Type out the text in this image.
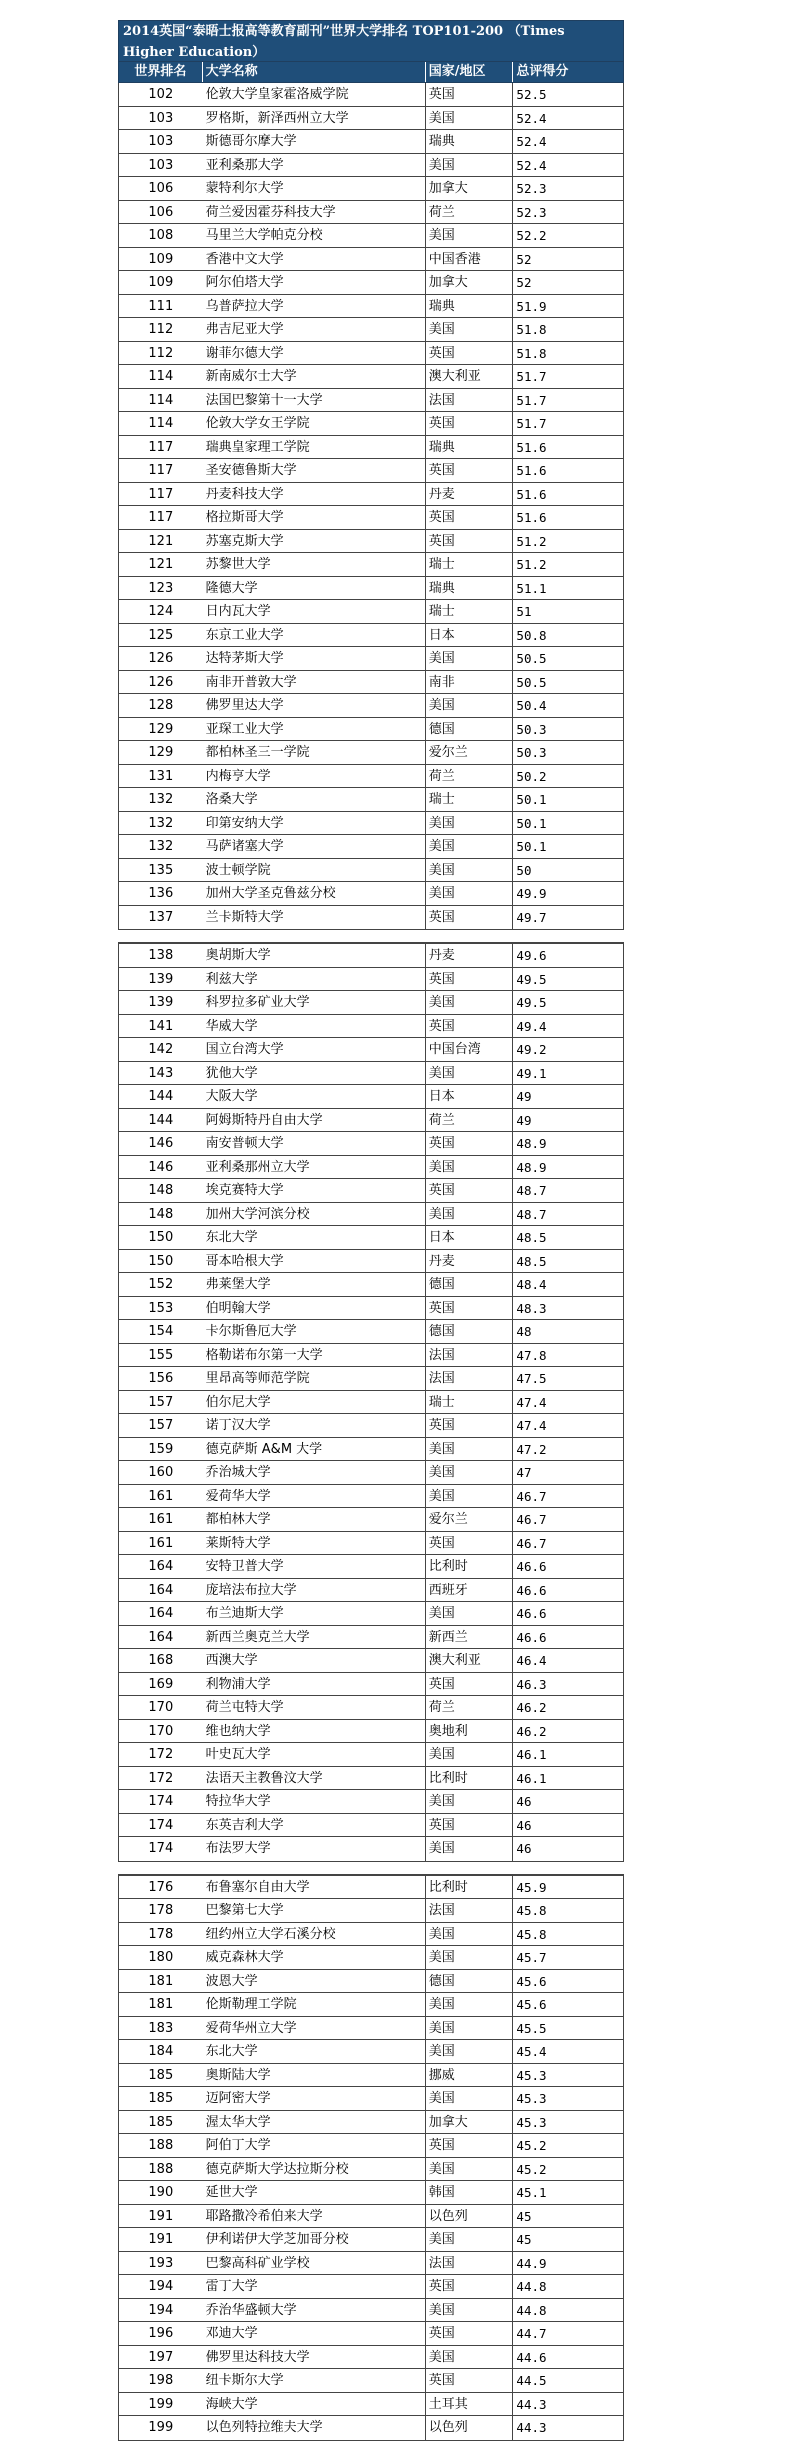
2014英国“泰晤士报高等教育副刊”世界大学排名 TOP101-200 （Times Higher Education）
世界排名	大学名称	国家/地区	总评得分
102	伦敦大学皇家霍洛威学院	英国	52.5
103	罗格斯，新泽西州立大学	美国	52.4
103	斯德哥尔摩大学	瑞典	52.4
103	亚利桑那大学	美国	52.4
106	蒙特利尔大学	加拿大	52.3
106	荷兰爱因霍芬科技大学	荷兰	52.3
108	马里兰大学帕克分校	美国	52.2
109	香港中文大学	中国香港	52
109	阿尔伯塔大学	加拿大	52
111	乌普萨拉大学	瑞典	51.9
112	弗吉尼亚大学	美国	51.8
112	谢菲尔德大学	英国	51.8
114	新南威尔士大学	澳大利亚	51.7
114	法国巴黎第十一大学	法国	51.7
114	伦敦大学女王学院	英国	51.7
117	瑞典皇家理工学院	瑞典	51.6
117	圣安德鲁斯大学	英国	51.6
117	丹麦科技大学	丹麦	51.6
117	格拉斯哥大学	英国	51.6
121	苏塞克斯大学	英国	51.2
121	苏黎世大学	瑞士	51.2
123	隆德大学	瑞典	51.1
124	日内瓦大学	瑞士	51
125	东京工业大学	日本	50.8
126	达特茅斯大学	美国	50.5
126	南非开普敦大学	南非	50.5
128	佛罗里达大学	美国	50.4
129	亚琛工业大学	德国	50.3
129	都柏林圣三一学院	爱尔兰	50.3
131	内梅亨大学	荷兰	50.2
132	洛桑大学	瑞士	50.1
132	印第安纳大学	美国	50.1
132	马萨诸塞大学	美国	50.1
135	波士顿学院	美国	50
136	加州大学圣克鲁兹分校	美国	49.9
137	兰卡斯特大学	英国	49.7
138	奥胡斯大学	丹麦	49.6
139	利兹大学	英国	49.5
139	科罗拉多矿业大学	美国	49.5
141	华威大学	英国	49.4
142	国立台湾大学	中国台湾	49.2
143	犹他大学	美国	49.1
144	大阪大学	日本	49
144	阿姆斯特丹自由大学	荷兰	49
146	南安普顿大学	英国	48.9
146	亚利桑那州立大学	美国	48.9
148	埃克赛特大学	英国	48.7
148	加州大学河滨分校	美国	48.7
150	东北大学	日本	48.5
150	哥本哈根大学	丹麦	48.5
152	弗莱堡大学	德国	48.4
153	伯明翰大学	英国	48.3
154	卡尔斯鲁厄大学	德国	48
155	格勒诺布尔第一大学	法国	47.8
156	里昂高等师范学院	法国	47.5
157	伯尔尼大学	瑞士	47.4
157	诺丁汉大学	英国	47.4
159	德克萨斯 A&M 大学	美国	47.2
160	乔治城大学	美国	47
161	爱荷华大学	美国	46.7
161	都柏林大学	爱尔兰	46.7
161	莱斯特大学	英国	46.7
164	安特卫普大学	比利时	46.6
164	庞培法布拉大学	西班牙	46.6
164	布兰迪斯大学	美国	46.6
164	新西兰奥克兰大学	新西兰	46.6
168	西澳大学	澳大利亚	46.4
169	利物浦大学	英国	46.3
170	荷兰屯特大学	荷兰	46.2
170	维也纳大学	奥地利	46.2
172	叶史瓦大学	美国	46.1
172	法语天主教鲁汶大学	比利时	46.1
174	特拉华大学	美国	46
174	东英吉利大学	英国	46
174	布法罗大学	美国	46
176	布鲁塞尔自由大学	比利时	45.9
178	巴黎第七大学	法国	45.8
178	纽约州立大学石溪分校	美国	45.8
180	威克森林大学	美国	45.7
181	波恩大学	德国	45.6
181	伦斯勒理工学院	美国	45.6
183	爱荷华州立大学	美国	45.5
184	东北大学	美国	45.4
185	奥斯陆大学	挪威	45.3
185	迈阿密大学	美国	45.3
185	渥太华大学	加拿大	45.3
188	阿伯丁大学	英国	45.2
188	德克萨斯大学达拉斯分校	美国	45.2
190	延世大学	韩国	45.1
191	耶路撒冷希伯来大学	以色列	45
191	伊利诺伊大学芝加哥分校	美国	45
193	巴黎高科矿业学校	法国	44.9
194	雷丁大学	英国	44.8
194	乔治华盛顿大学	美国	44.8
196	邓迪大学	英国	44.7
197	佛罗里达科技大学	美国	44.6
198	纽卡斯尔大学	英国	44.5
199	海峡大学	土耳其	44.3
199	以色列特拉维夫大学	以色列	44.3
